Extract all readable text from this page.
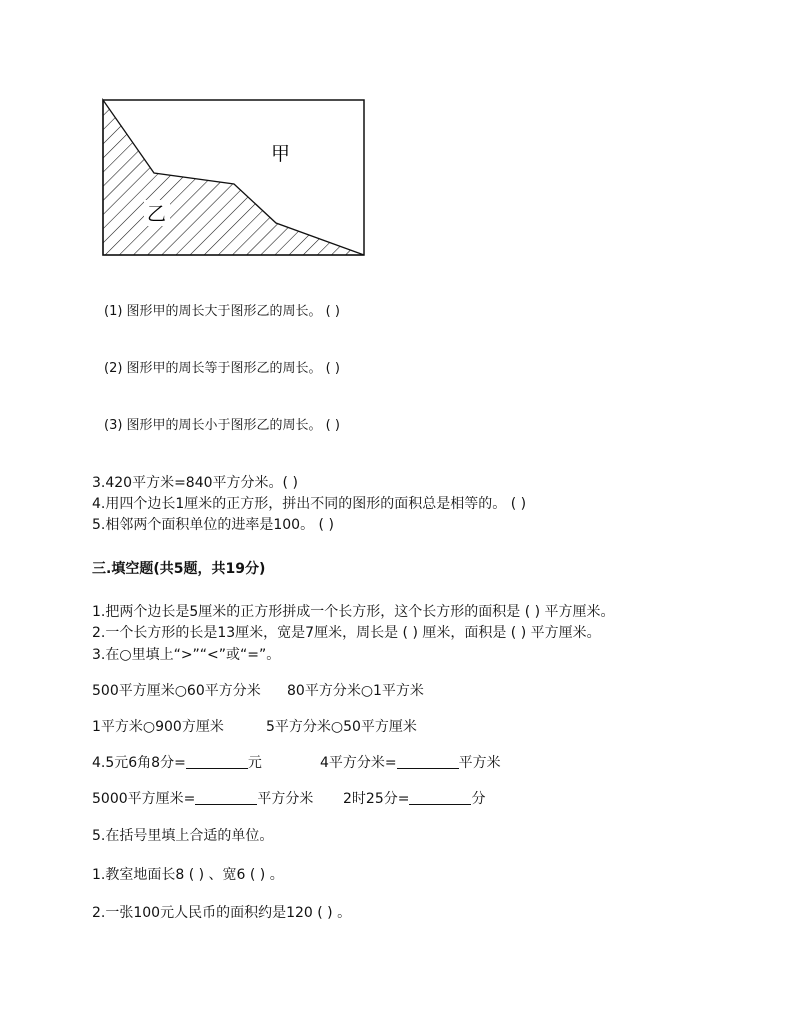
甲
乙
(1) 图形甲的周长大于图形乙的周长。 ( )
(2) 图形甲的周长等于图形乙的周长。 ( )
(3) 图形甲的周长小于图形乙的周长。 ( )
3.420平方米=840平方分米。( )
4.用四个边长1厘米的正方形，拼出不同的图形的面积总是相等的。 ( )
5.相邻两个面积单位的进率是100。 ( )
三.填空题(共5题，共19分)
1.把两个边长是5厘米的正方形拼成一个长方形，这个长方形的面积是 ( ) 平方厘米。
2.一个长方形的长是13厘米，宽是7厘米，周长是 ( ) 厘米，面积是 ( ) 平方厘米。
3.在○里填上“>”“<”或“=”。
500平方厘米○60平方分米 80平方分米○1平方米
1平方米○900方厘米	5平方分米○50平方厘米
4.5元6角8分=	元	4平方分米=	平方米
5000平方厘米=	平方分米 2时25分=	分
5.在括号里填上合适的单位。
1.教室地面长8 ( ) 、宽6 ( ) 。
2.一张100元人民币的面积约是120 ( ) 。
